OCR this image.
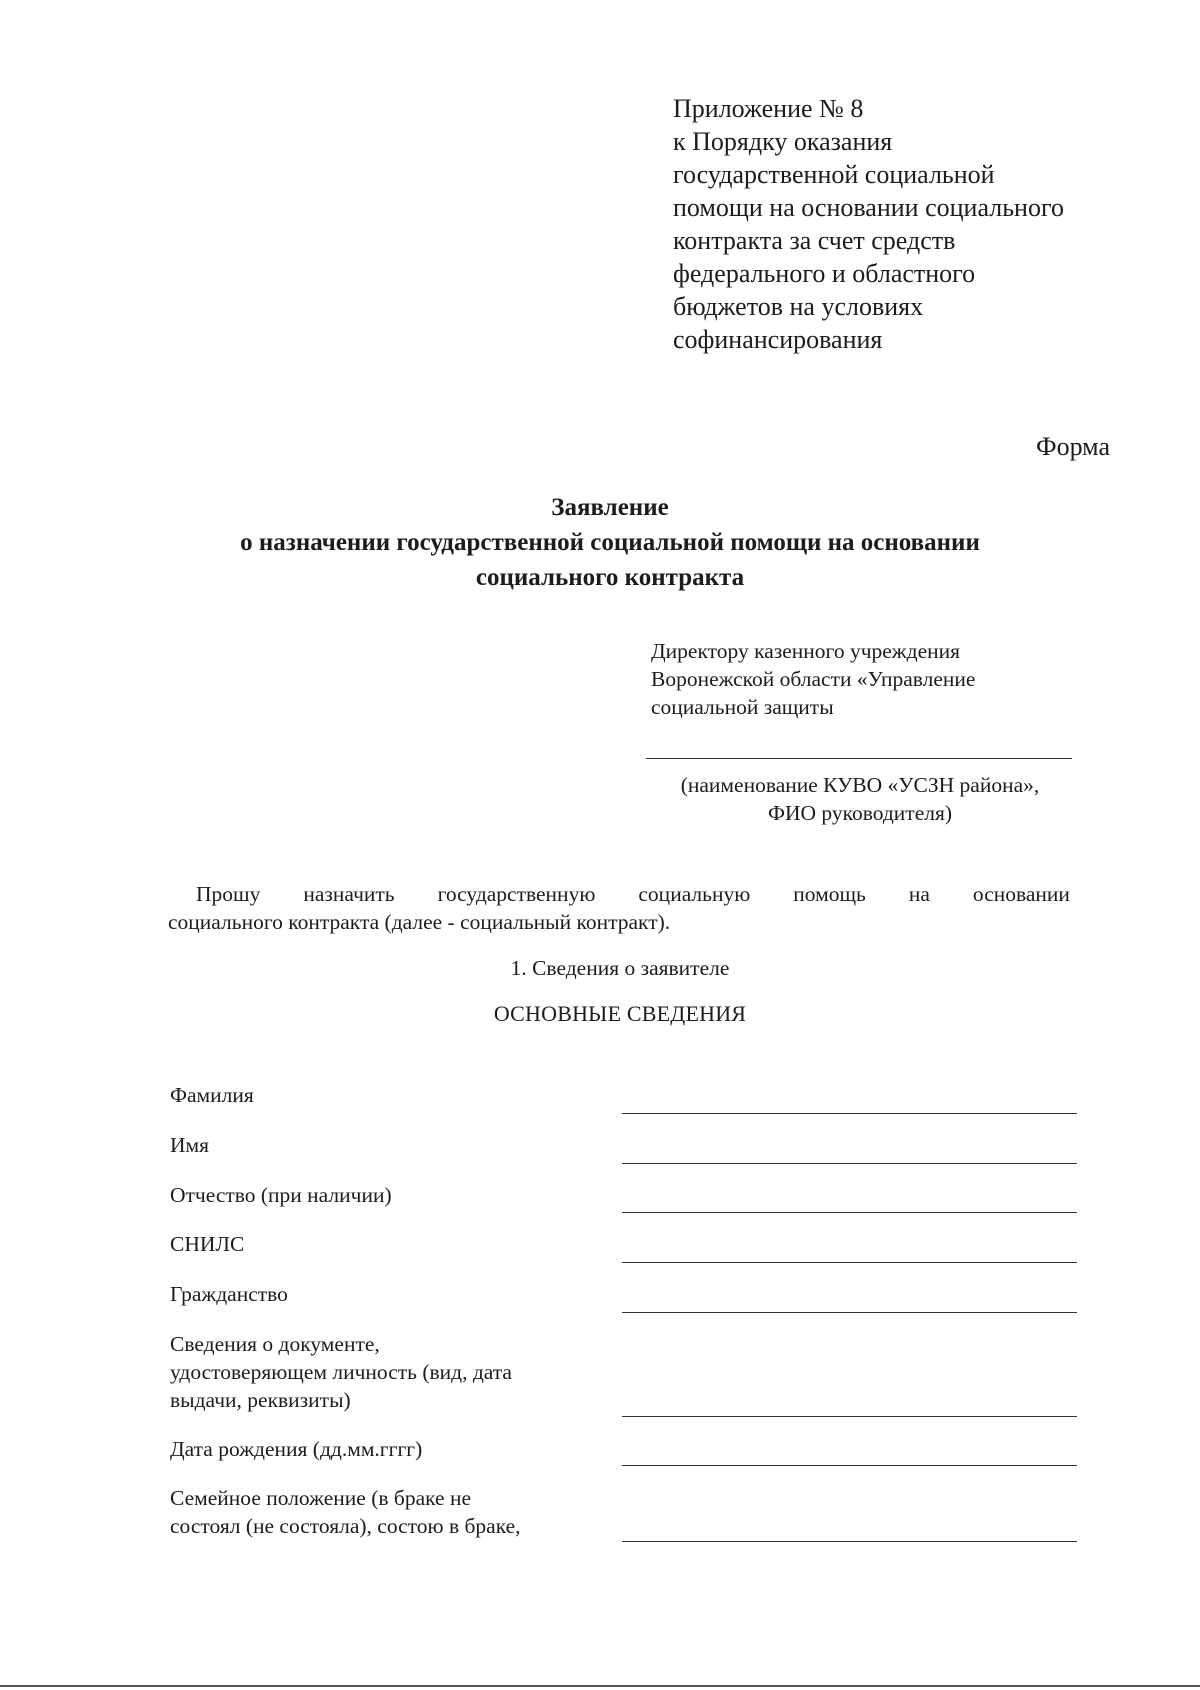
Приложение № 8
к Порядку оказания
государственной социальной
помощи на основании социального
контракта за счет средств
федерального и областного
бюджетов на условиях
софинансирования
Форма
Заявление
о назначении государственной социальной помощи на основании
социального контракта
Директору казенного учреждения
Воронежской области «Управление
социальной защиты
(наименование КУВО «УСЗН района»,
ФИО руководителя)
Прошу назначить государственную социальную помощь на основании
социального контракта (далее - социальный контракт).
1. Сведения о заявителе
ОСНОВНЫЕ СВЕДЕНИЯ
Фамилия
Имя
Отчество (при наличии)
СНИЛС
Гражданство
Сведения о документе,
удостоверяющем личность (вид, дата
выдачи, реквизиты)
Дата рождения (дд.мм.гггг)
Семейное положение (в браке не
состоял (не состояла), состою в браке,
